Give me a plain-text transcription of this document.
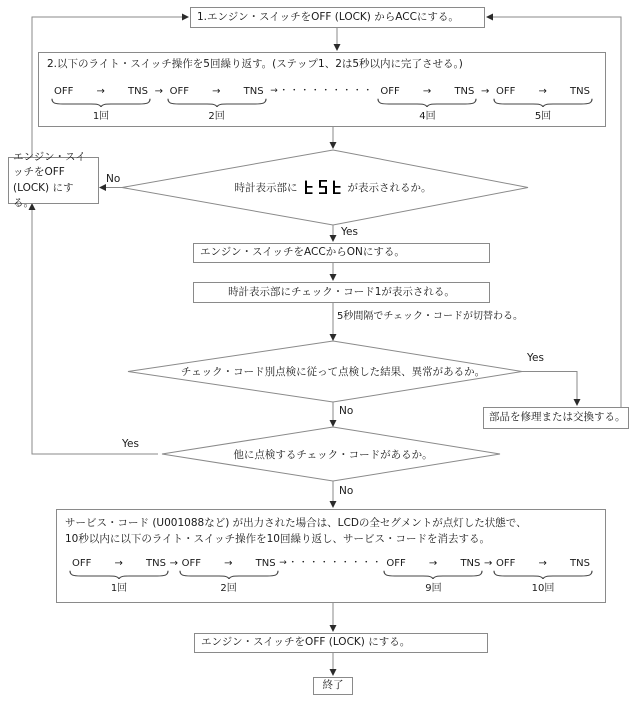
1.エンジン・スイッチをOFF (LOCK) からACCにする。
2.以下のライト・スイッチ操作を5回繰り返す。(ステップ1、2は5秒以内に完了させる。)
OFF → TNS
1回
→ OFF → TNS
2回
→・・・・・・・・・ OFF → TNS
4回
→ OFF → TNS
5回
時計表示部に	が表示されるか。
No
Yes
エンジン・スイッチをOFF (LOCK) にする。
エンジン・スイッチをACCからONにする。
時計表示部にチェック・コード1が表示される。
5秒間隔でチェック・コードが切替わる。
チェック・コード別点検に従って点検した結果、異常があるか。
Yes
No
部品を修理または交換する。
他に点検するチェック・コードがあるか。
Yes
No
サービス・コード (U001088など) が出力された場合は、LCDの全セグメントが点灯した状態で、
10秒以内に以下のライト・スイッチ操作を10回繰り返し、サービス・コードを消去する。
OFF → TNS
1回
→ OFF → TNS
2回
→・・・・・・・・・ OFF → TNS
9回
→ OFF → TNS
10回
エンジン・スイッチをOFF (LOCK) にする。
終了
